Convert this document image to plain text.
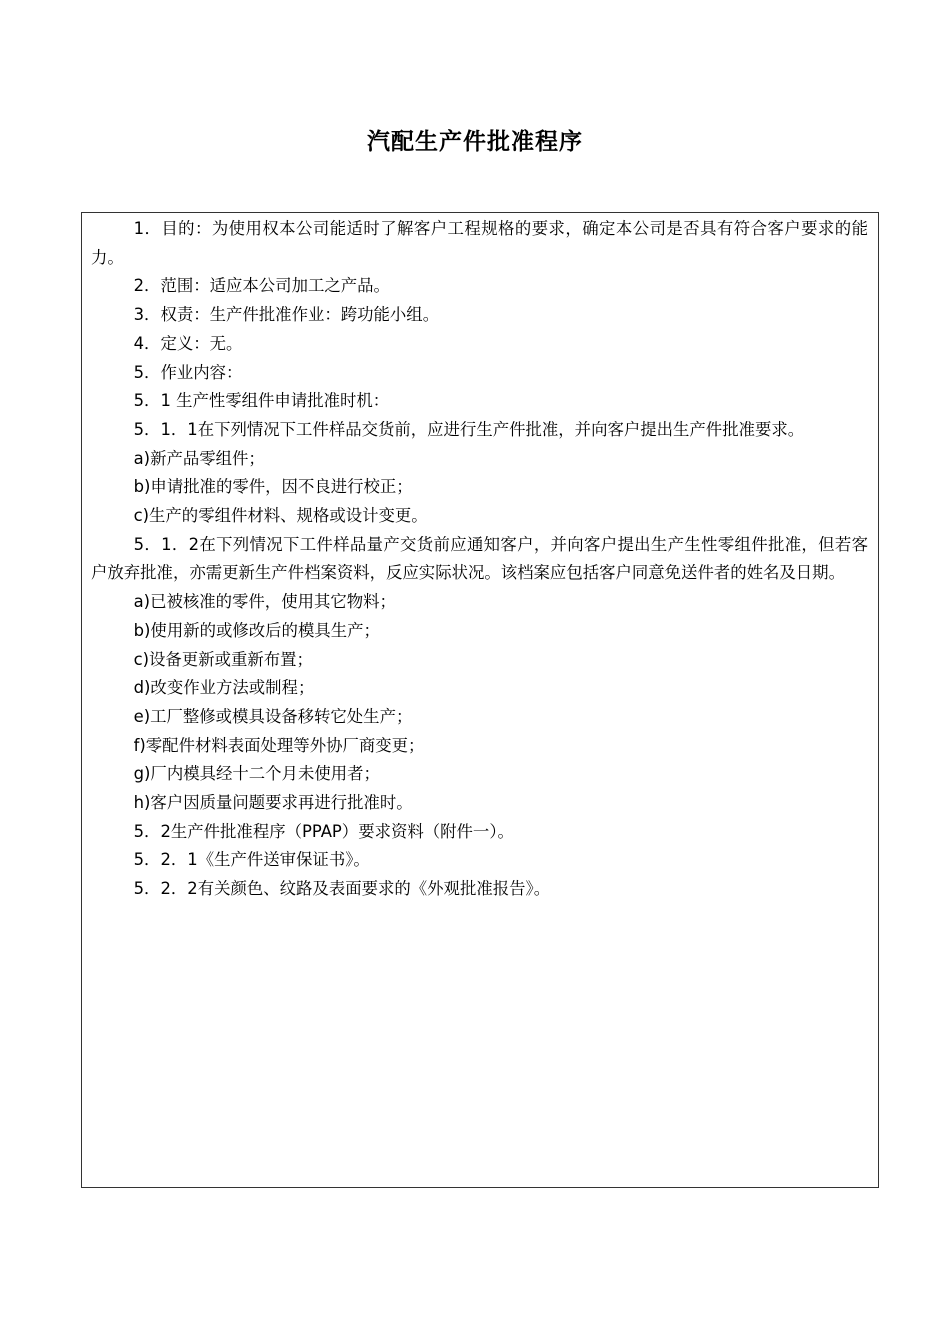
汽配生产件批准程序

1．目的：为使用权本公司能适时了解客户工程规格的要求，确定本公司是否具有符合客户要求的能力。

2．范围：适应本公司加工之产品。

3．权责：生产件批准作业：跨功能小组。

4．定义：无。

5．作业内容：

5．1 生产性零组件申请批准时机：

5．1．1在下列情况下工件样品交货前，应进行生产件批准，并向客户提出生产件批准要求。

a)新产品零组件；

b)申请批准的零件，因不良进行校正；

c)生产的零组件材料、规格或设计变更。

5．1．2在下列情况下工件样品量产交货前应通知客户，并向客户提出生产生性零组件批准，但若客户放弃批准，亦需更新生产件档案资料，反应实际状况。该档案应包括客户同意免送件者的姓名及日期。

a)已被核准的零件，使用其它物料；

b)使用新的或修改后的模具生产；

c)设备更新或重新布置；

d)改变作业方法或制程；

e)工厂整修或模具设备移转它处生产；

f)零配件材料表面处理等外协厂商变更；

g)厂内模具经十二个月未使用者；

h)客户因质量问题要求再进行批准时。

5．2生产件批准程序（PPAP）要求资料（附件一）。

5．2．1《生产件送审保证书》。

5．2．2有关颜色、纹路及表面要求的《外观批准报告》。
